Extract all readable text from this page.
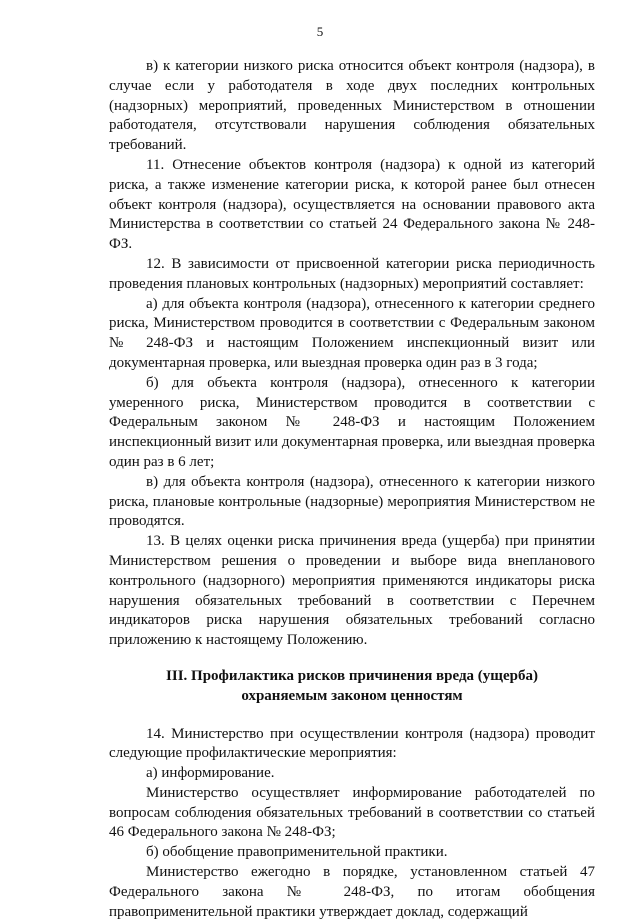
5

в) к категории низкого риска относится объект контроля (надзора), в случае если у работодателя в ходе двух последних контрольных (надзорных) мероприятий, проведенных Министерством в отношении работодателя, отсутствовали нарушения соблюдения обязательных требований.

11. Отнесение объектов контроля (надзора) к одной из категорий риска, а также изменение категории риска, к которой ранее был отнесен объект контроля (надзора), осуществляется на основании правового акта Министерства в соответствии со статьей 24 Федерального закона № 248-ФЗ.

12. В зависимости от присвоенной категории риска периодичность проведения плановых контрольных (надзорных) мероприятий составляет:

а) для объекта контроля (надзора), отнесенного к категории среднего риска, Министерством проводится в соответствии с Федеральным законом № 248-ФЗ и настоящим Положением инспекционный визит или документарная проверка, или выездная проверка один раз в 3 года;

б) для объекта контроля (надзора), отнесенного к категории умеренного риска, Министерством проводится в соответствии с Федеральным законом № 248-ФЗ и настоящим Положением инспекционный визит или документарная проверка, или выездная проверка один раз в 6 лет;

в) для объекта контроля (надзора), отнесенного к категории низкого риска, плановые контрольные (надзорные) мероприятия Министерством не проводятся.

13. В целях оценки риска причинения вреда (ущерба) при принятии Министерством решения о проведении и выборе вида внепланового контрольного (надзорного) мероприятия применяются индикаторы риска нарушения обязательных требований в соответствии с Перечнем индикаторов риска нарушения обязательных требований согласно приложению к настоящему Положению.

III. Профилактика рисков причинения вреда (ущерба)
охраняемым законом ценностям

14. Министерство при осуществлении контроля (надзора) проводит следующие профилактические мероприятия:

а) информирование.

Министерство осуществляет информирование работодателей по вопросам соблюдения обязательных требований в соответствии со статьей 46 Федерального закона № 248-ФЗ;

б) обобщение правоприменительной практики.

Министерство ежегодно в порядке, установленном статьей 47 Федерального закона № 248-ФЗ, по итогам обобщения правоприменительной практики утверждает доклад, содержащий
